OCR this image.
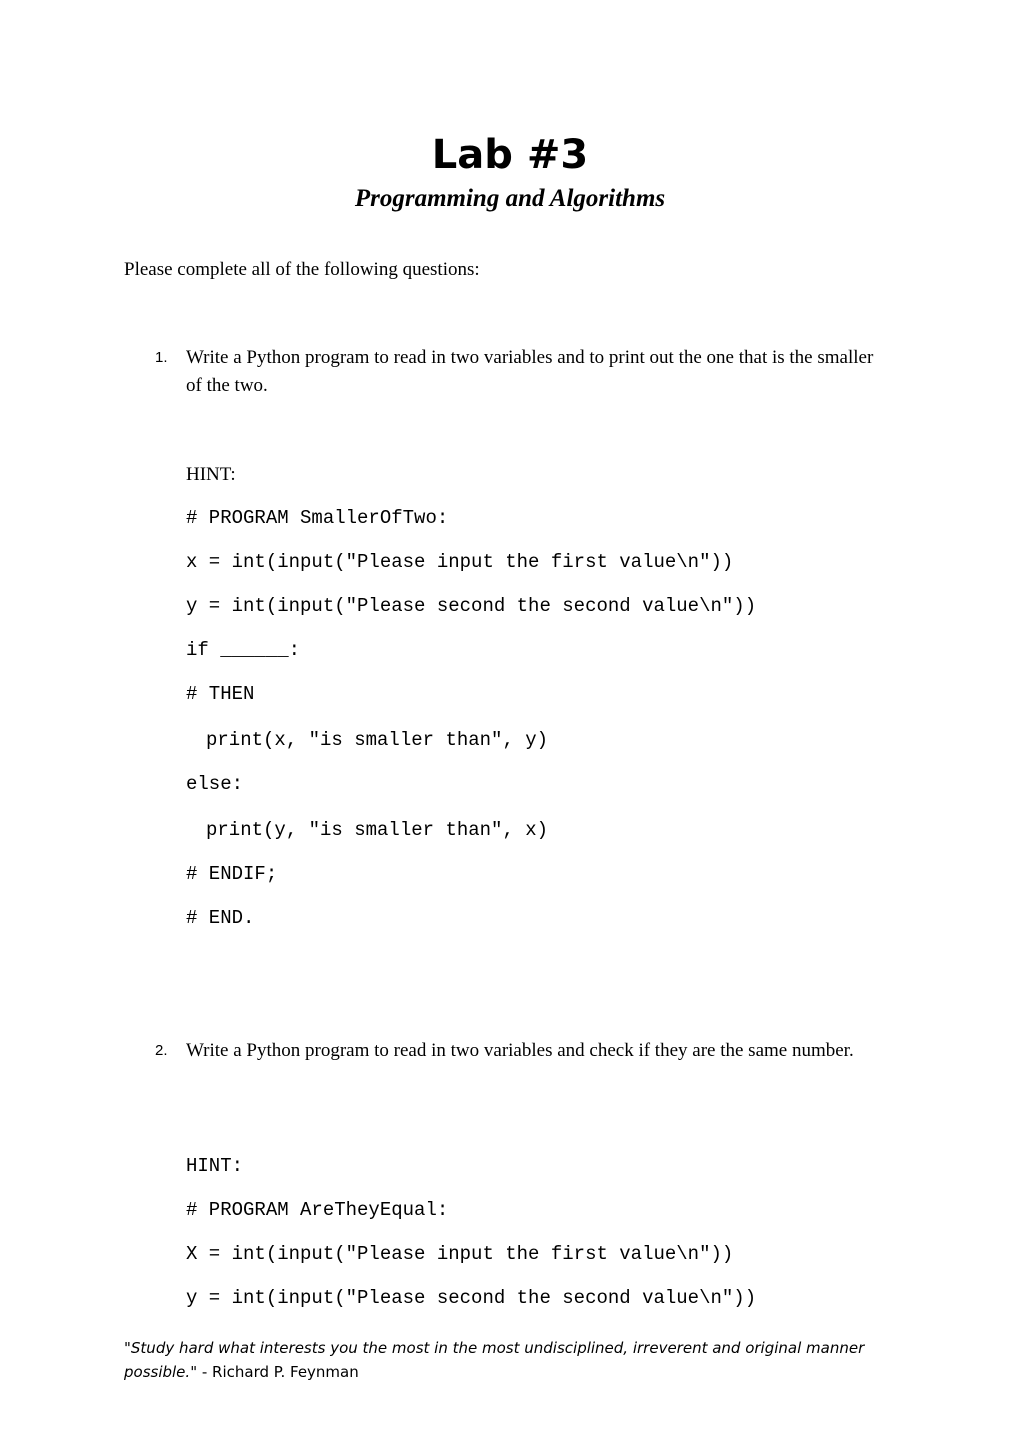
Lab #3
Programming and Algorithms
Please complete all of the following questions:
1. Write a Python program to read in two variables and to print out the one that is the smaller of the two.
HINT:
# PROGRAM SmallerOfTwo:
x = int(input("Please input the first value\n"))
y = int(input("Please second the second value\n"))
if ______:
# THEN
print(x, "is smaller than", y)
else:
print(y, "is smaller than", x)
# ENDIF;
# END.
2. Write a Python program to read in two variables and check if they are the same number.
HINT:
# PROGRAM AreTheyEqual:
X = int(input("Please input the first value\n"))
y = int(input("Please second the second value\n"))
"Study hard what interests you the most in the most undisciplined, irreverent and original manner possible." - Richard P. Feynman
